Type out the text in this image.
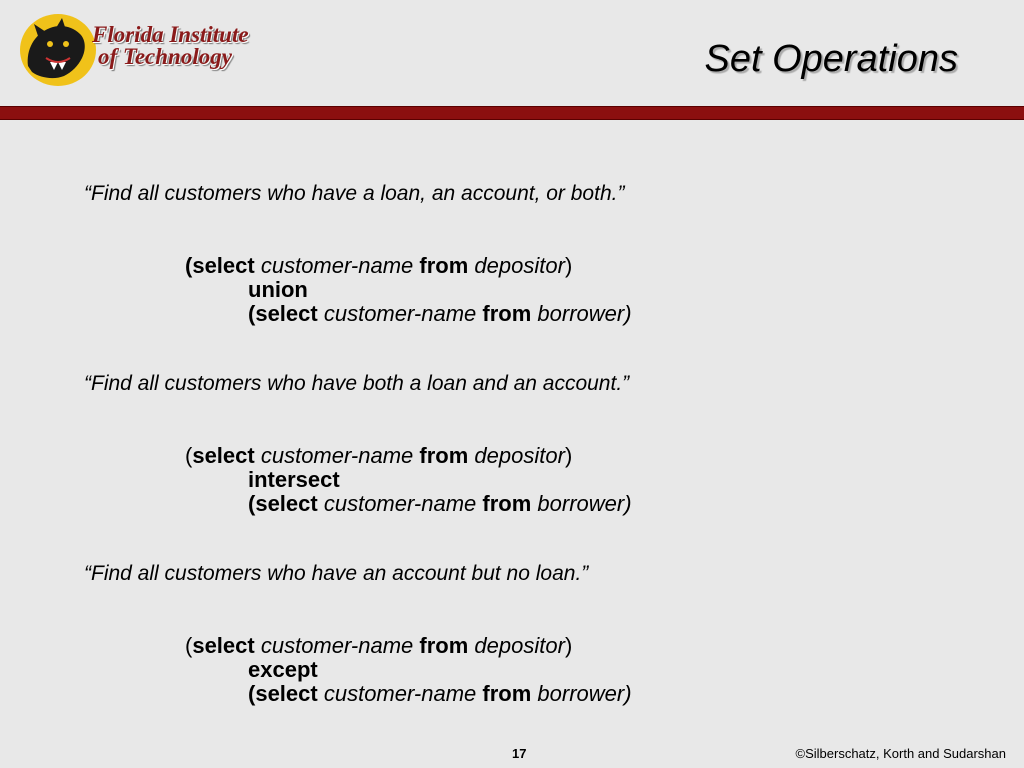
Florida Institute
of Technology	Set Operations
“Find all customers who have a loan, an account, or both.”
(select customer-name from depositor)
union
(select customer-name from borrower)
“Find all customers who have both a loan and an account.”
(select customer-name from depositor)
intersect
(select customer-name from borrower)
“Find all customers who have an account but no loan.”
(select customer-name from depositor)
except
(select customer-name from borrower)
17	©Silberschatz, Korth and Sudarshan
